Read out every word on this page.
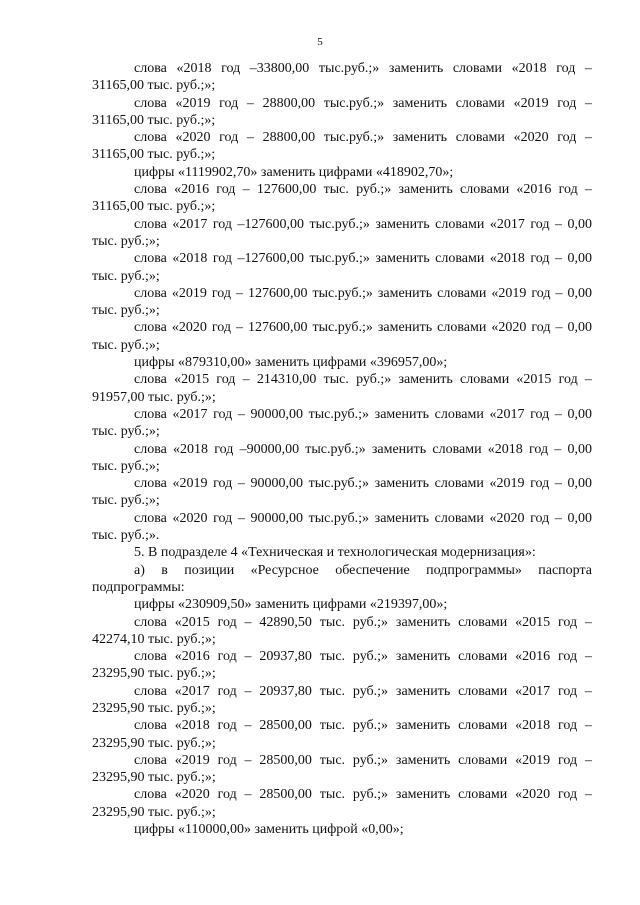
5

слова «2018 год –33800,00 тыс.руб.;» заменить словами «2018 год – 31165,00 тыс. руб.;»;

слова «2019 год – 28800,00 тыс.руб.;» заменить словами «2019 год – 31165,00 тыс. руб.;»;

слова «2020 год – 28800,00 тыс.руб.;» заменить словами «2020 год – 31165,00 тыс. руб.;»;

цифры «1119902,70» заменить цифрами «418902,70»;

слова «2016 год – 127600,00 тыс. руб.;» заменить словами «2016 год – 31165,00 тыс. руб.;»;

слова «2017 год –127600,00 тыс.руб.;» заменить словами «2017 год – 0,00 тыс. руб.;»;

слова «2018 год –127600,00 тыс.руб.;» заменить словами «2018 год – 0,00 тыс. руб.;»;

слова «2019 год – 127600,00 тыс.руб.;» заменить словами «2019 год – 0,00 тыс. руб.;»;

слова «2020 год – 127600,00 тыс.руб.;» заменить словами «2020 год – 0,00 тыс. руб.;»;

цифры «879310,00» заменить цифрами «396957,00»;

слова «2015 год – 214310,00 тыс. руб.;» заменить словами «2015 год – 91957,00 тыс. руб.;»;

слова «2017 год – 90000,00 тыс.руб.;» заменить словами «2017 год – 0,00 тыс. руб.;»;

слова «2018 год –90000,00 тыс.руб.;» заменить словами «2018 год – 0,00 тыс. руб.;»;

слова «2019 год – 90000,00 тыс.руб.;» заменить словами «2019 год – 0,00 тыс. руб.;»;

слова «2020 год – 90000,00 тыс.руб.;» заменить словами «2020 год – 0,00 тыс. руб.;».

5. В подразделе 4 «Техническая и технологическая модернизация»:

а) в позиции «Ресурсное обеспечение подпрограммы» паспорта подпрограммы:

цифры «230909,50» заменить цифрами «219397,00»;

слова «2015 год – 42890,50 тыс. руб.;» заменить словами «2015 год – 42274,10 тыс. руб.;»;

слова «2016 год – 20937,80 тыс. руб.;» заменить словами «2016 год – 23295,90 тыс. руб.;»;

слова «2017 год – 20937,80 тыс. руб.;» заменить словами «2017 год – 23295,90 тыс. руб.;»;

слова «2018 год – 28500,00 тыс. руб.;» заменить словами «2018 год – 23295,90 тыс. руб.;»;

слова «2019 год – 28500,00 тыс. руб.;» заменить словами «2019 год – 23295,90 тыс. руб.;»;

слова «2020 год – 28500,00 тыс. руб.;» заменить словами «2020 год – 23295,90 тыс. руб.;»;

цифры «110000,00» заменить цифрой «0,00»;
